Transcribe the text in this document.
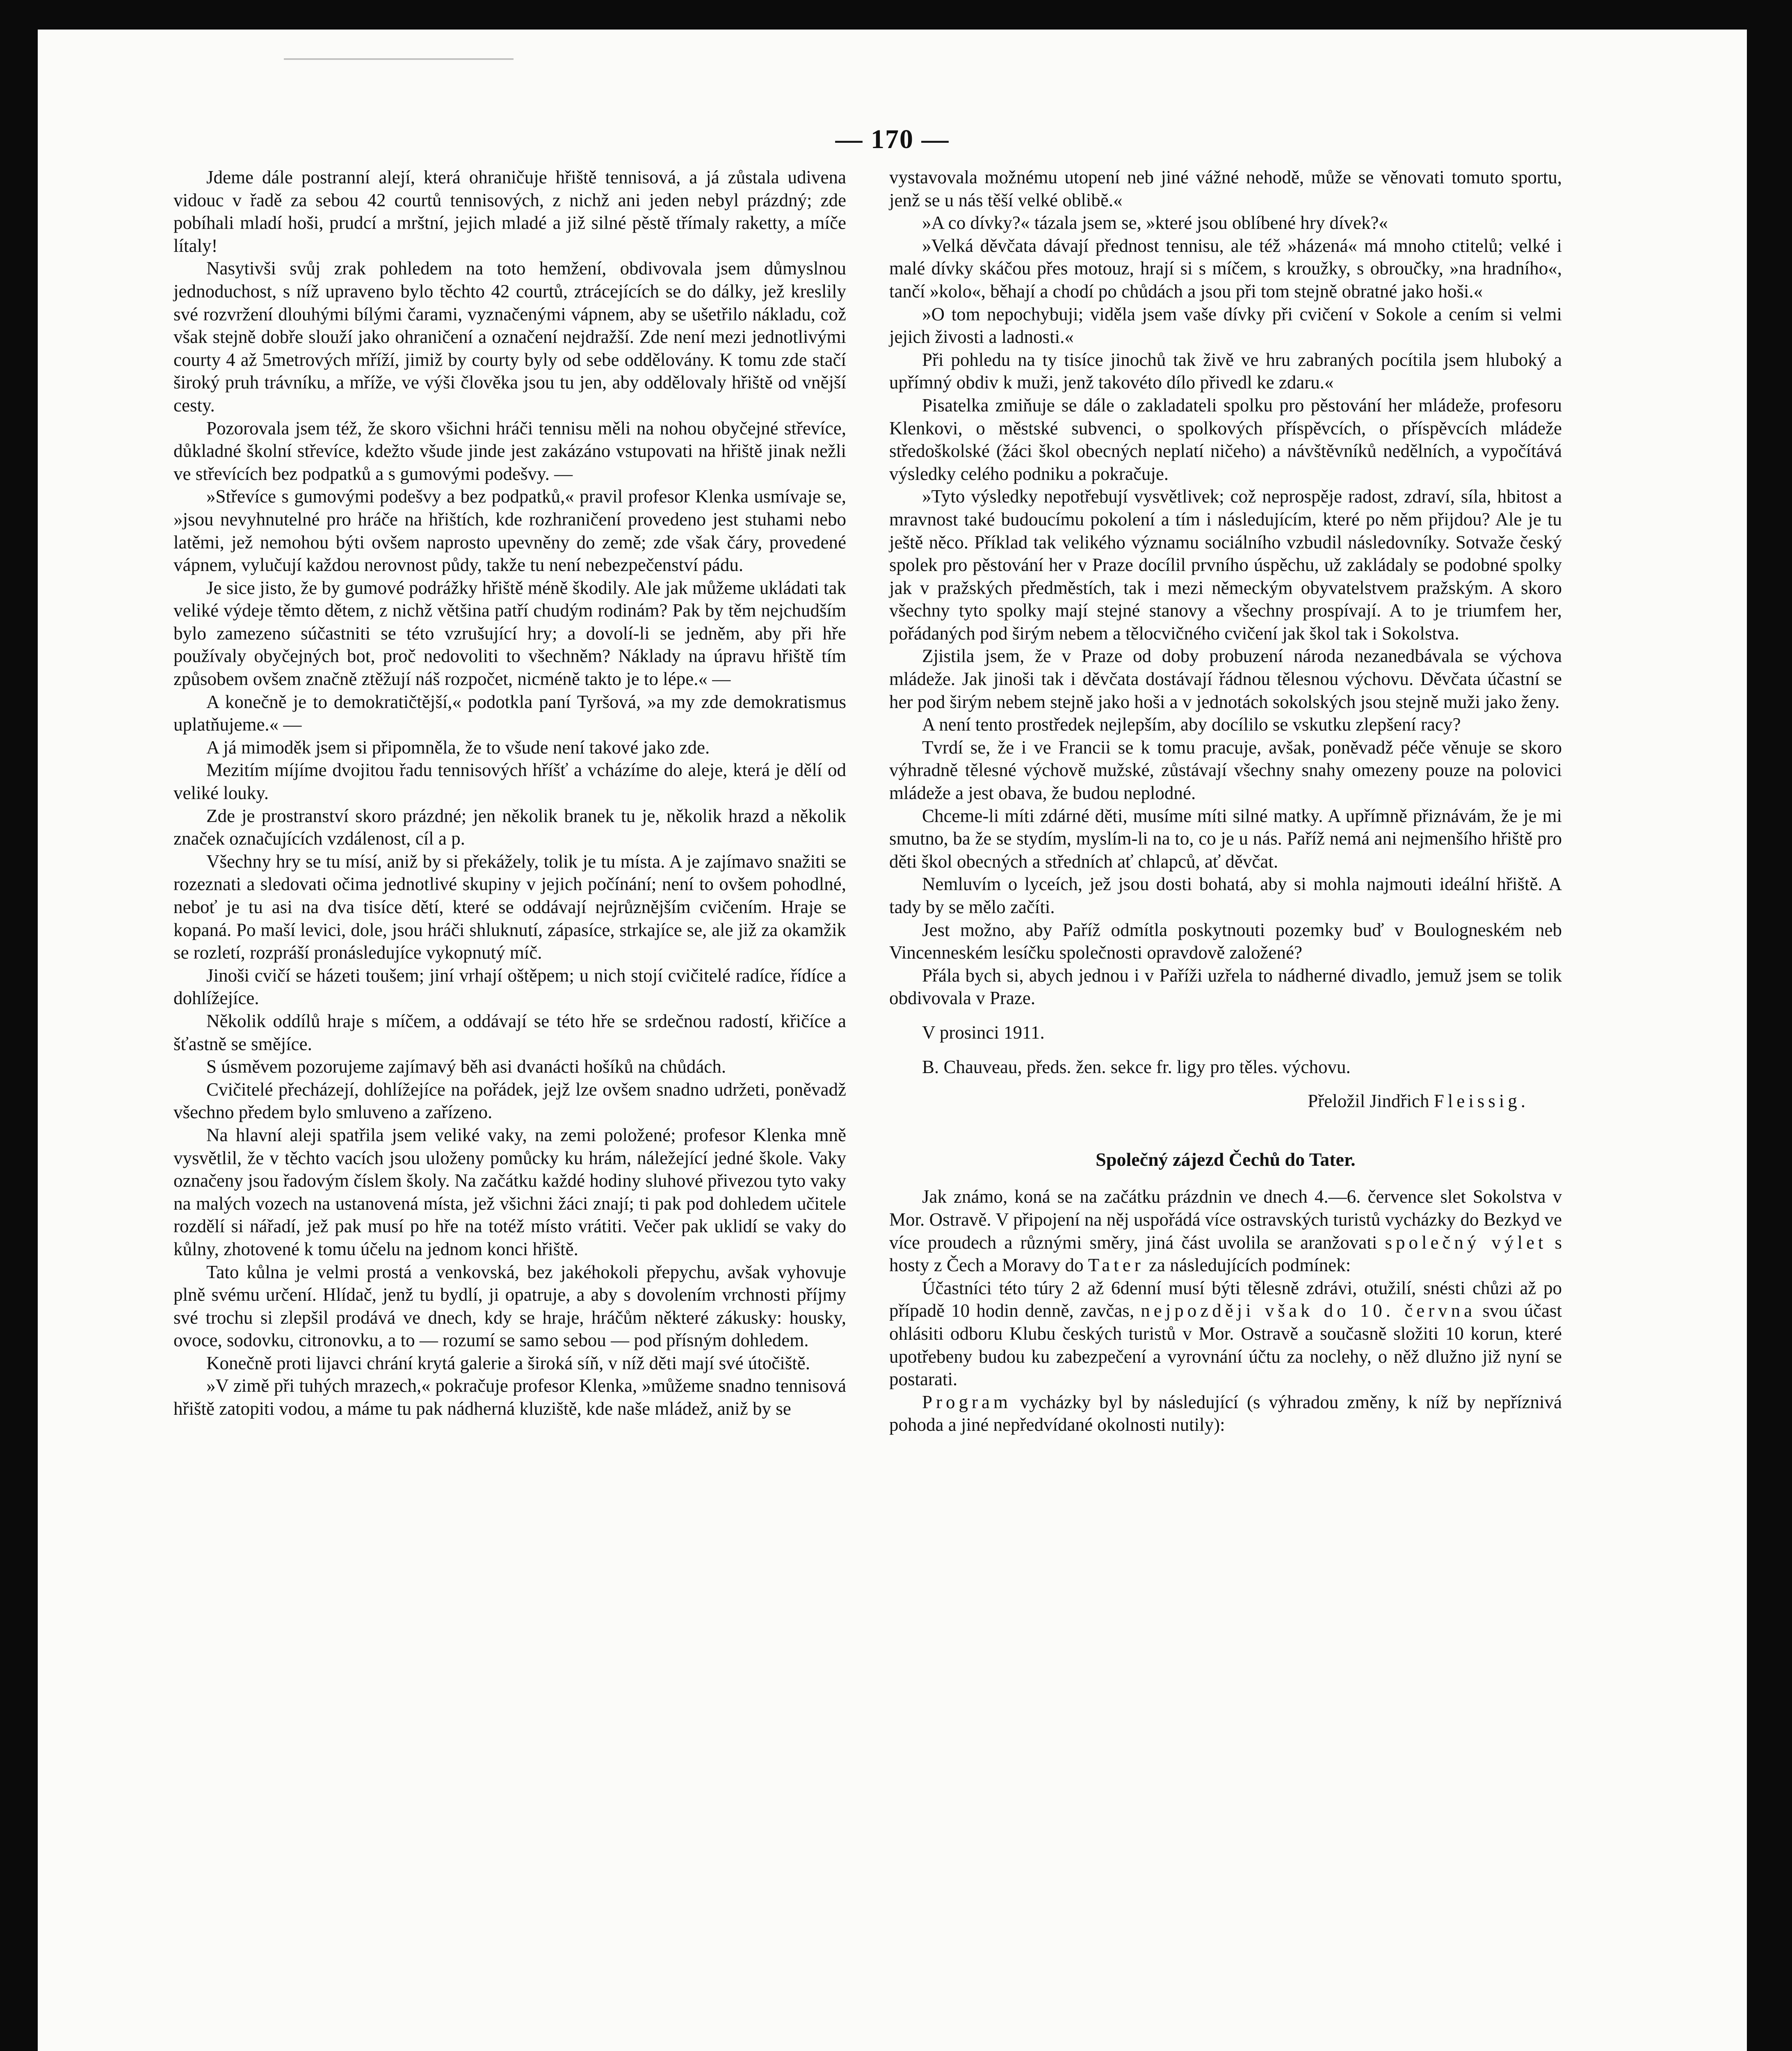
— 170 —

Jdeme dále postranní alejí, která ohraničuje hřiště tennisová, a já zůstala udivena vidouc v řadě za sebou 42 courtů tennisových, z nichž ani jeden nebyl prázdný; zde pobíhali mladí hoši, prudcí a mrštní, jejich mladé a již silné pěstě třímaly raketty, a míče lítaly!

Nasytivši svůj zrak pohledem na toto hemžení, obdivovala jsem důmyslnou jednoduchost, s níž upraveno bylo těchto 42 courtů, ztrácejících se do dálky, jež kreslily své rozvržení dlouhými bílými čarami, vyznačenými vápnem, aby se ušetřilo nákladu, což však stejně dobře slouží jako ohraničení a označení nejdražší. Zde není mezi jednotlivými courty 4 až 5metrových mříží, jimiž by courty byly od sebe oddělovány. K tomu zde stačí široký pruh trávníku, a mříže, ve výši člověka jsou tu jen, aby oddělovaly hřiště od vnější cesty.

Pozorovala jsem též, že skoro všichni hráči tennisu měli na nohou obyčejné střevíce, důkladné školní střevíce, kdežto všude jinde jest zakázáno vstupovati na hřiště jinak nežli ve střevících bez podpatků a s gumovými podešvy. —

»Střevíce s gumovými podešvy a bez podpatků,« pravil profesor Klenka usmívaje se, »jsou nevyhnutelné pro hráče na hřištích, kde rozhraničení provedeno jest stuhami nebo latěmi, jež nemohou býti ovšem naprosto upevněny do země; zde však čáry, provedené vápnem, vylučují každou nerovnost půdy, takže tu není nebezpečenství pádu.

Je sice jisto, že by gumové podrážky hřiště méně škodily. Ale jak můžeme ukládati tak veliké výdeje těmto dětem, z nichž většina patří chudým rodinám? Pak by těm nejchudším bylo zamezeno súčastniti se této vzrušující hry; a dovolí-li se jedněm, aby při hře používaly obyčejných bot, proč nedovoliti to všechněm? Náklady na úpravu hřiště tím způsobem ovšem značně ztěžují náš rozpočet, nicméně takto je to lépe.« —

A konečně je to demokratičtější,« podotkla paní Tyršová, »a my zde demokratismus uplatňujeme.« —

A já mimoděk jsem si připomněla, že to všude není takové jako zde.

Mezitím míjíme dvojitou řadu tennisových hříšť a vcházíme do aleje, která je dělí od veliké louky.

Zde je prostranství skoro prázdné; jen několik branek tu je, několik hrazd a několik značek označujících vzdálenost, cíl a p.

Všechny hry se tu mísí, aniž by si překážely, tolik je tu místa. A je zajímavo snažiti se rozeznati a sledovati očima jednotlivé skupiny v jejich počínání; není to ovšem pohodlné, neboť je tu asi na dva tisíce dětí, které se oddávají nejrůznějším cvičením. Hraje se kopaná. Po maší levici, dole, jsou hráči shluknutí, zápasíce, strkajíce se, ale již za okamžik se rozletí, rozpráší pronásledujíce vykopnutý míč.

Jinoši cvičí se házeti toušem; jiní vrhají oštěpem; u nich stojí cvičitelé radíce, řídíce a dohlížejíce.

Několik oddílů hraje s míčem, a oddávají se této hře se srdečnou radostí, křičíce a šťastně se smějíce.

S úsměvem pozorujeme zajímavý běh asi dvanácti hošíků na chůdách.

Cvičitelé přecházejí, dohlížejíce na pořádek, jejž lze ovšem snadno udržeti, poněvadž všechno předem bylo smluveno a zařízeno.

Na hlavní aleji spatřila jsem veliké vaky, na zemi položené; profesor Klenka mně vysvětlil, že v těchto vacích jsou uloženy pomůcky ku hrám, náležející jedné škole. Vaky označeny jsou řadovým číslem školy. Na začátku každé hodiny sluhové přivezou tyto vaky na malých vozech na ustanovená místa, jež všichni žáci znají; ti pak pod dohledem učitele rozdělí si nářadí, jež pak musí po hře na totéž místo vrátiti. Večer pak uklidí se vaky do kůlny, zhotovené k tomu účelu na jednom konci hřiště.

Tato kůlna je velmi prostá a venkovská, bez jakéhokoli přepychu, avšak vyhovuje plně svému určení. Hlídač, jenž tu bydlí, ji opatruje, a aby s dovolením vrchnosti příjmy své trochu si zlepšil prodává ve dnech, kdy se hraje, hráčům některé zákusky: housky, ovoce, sodovku, citronovku, a to — rozumí se samo sebou — pod přísným dohledem.

Konečně proti lijavci chrání krytá galerie a široká síň, v níž děti mají své útočiště.

»V zimě při tuhých mrazech,« pokračuje profesor Klenka, »můžeme snadno tennisová hřiště zatopiti vodou, a máme tu pak nádherná kluziště, kde naše mládež, aniž by se

vystavovala možnému utopení neb jiné vážné nehodě, může se věnovati tomuto sportu, jenž se u nás těší velké oblibě.«

»A co dívky?« tázala jsem se, »které jsou oblíbené hry dívek?«

»Velká děvčata dávají přednost tennisu, ale též »házená« má mnoho ctitelů; velké i malé dívky skáčou přes motouz, hrají si s míčem, s kroužky, s obroučky, »na hradního«, tančí »kolo«, běhají a chodí po chůdách a jsou při tom stejně obratné jako hoši.«

»O tom nepochybuji; viděla jsem vaše dívky při cvičení v Sokole a cením si velmi jejich živosti a ladnosti.«

Při pohledu na ty tisíce jinochů tak živě ve hru zabraných pocítila jsem hluboký a upřímný obdiv k muži, jenž takovéto dílo přivedl ke zdaru.«

Pisatelka zmiňuje se dále o zakladateli spolku pro pěstování her mládeže, profesoru Klenkovi, o městské subvenci, o spolkových příspěvcích, o příspěvcích mládeže středoškolské (žáci škol obecných neplatí ničeho) a návštěvníků nedělních, a vypočítává výsledky celého podniku a pokračuje.

»Tyto výsledky nepotřebují vysvětlivek; což neprospěje radost, zdraví, síla, hbitost a mravnost také budoucímu pokolení a tím i následujícím, které po něm přijdou? Ale je tu ještě něco. Příklad tak velikého významu sociálního vzbudil následovníky. Sotvaže český spolek pro pěstování her v Praze docílil prvního úspěchu, už zakládaly se podobné spolky jak v pražských předměstích, tak i mezi německým obyvatelstvem pražským. A skoro všechny tyto spolky mají stejné stanovy a všechny prospívají. A to je triumfem her, pořádaných pod širým nebem a tělocvičného cvičení jak škol tak i Sokolstva.

Zjistila jsem, že v Praze od doby probuzení národa nezanedbávala se výchova mládeže. Jak jinoši tak i děvčata dostávají řádnou tělesnou výchovu. Děvčata účastní se her pod širým nebem stejně jako hoši a v jednotách sokolských jsou stejně muži jako ženy.

A není tento prostředek nejlepším, aby docílilo se vskutku zlepšení racy?

Tvrdí se, že i ve Francii se k tomu pracuje, avšak, poněvadž péče věnuje se skoro výhradně tělesné výchově mužské, zůstávají všechny snahy omezeny pouze na polovici mládeže a jest obava, že budou neplodné.

Chceme-li míti zdárné děti, musíme míti silné matky. A upřímně přiznávám, že je mi smutno, ba že se stydím, myslím-li na to, co je u nás. Paříž nemá ani nejmenšího hřiště pro děti škol obecných a středních ať chlapců, ať děvčat.

Nemluvím o lyceích, jež jsou dosti bohatá, aby si mohla najmouti ideální hřiště. A tady by se mělo začíti.

Jest možno, aby Paříž odmítla poskytnouti pozemky buď v Boulogneském neb Vincenneském lesíčku společnosti opravdově založené?

Přála bych si, abych jednou i v Paříži uzřela to nádherné divadlo, jemuž jsem se tolik obdivovala v Praze.

V prosinci 1911.

B. Chauveau, předs. žen. sekce fr. ligy pro těles. výchovu.

Přeložil Jindřich Fleissig.

Společný zájezd Čechů do Tater.

Jak známo, koná se na začátku prázdnin ve dnech 4.—6. července slet Sokolstva v Mor. Ostravě. V připojení na něj uspořádá více ostravských turistů vycházky do Bezkyd ve více proudech a různými směry, jiná část uvolila se aranžovati společný výlet s hosty z Čech a Moravy do Tater za následujících podmínek:

Účastníci této túry 2 až 6denní musí býti tělesně zdrávi, otužilí, snésti chůzi až po případě 10 hodin denně, zavčas, nejpozději však do 10. června svou účast ohlásiti odboru Klubu českých turistů v Mor. Ostravě a současně složiti 10 korun, které upotřebeny budou ku zabezpečení a vyrovnání účtu za noclehy, o něž dlužno již nyní se postarati.

Program vycházky byl by následující (s výhradou změny, k níž by nepříznivá pohoda a jiné nepředvídané okolnosti nutily):
